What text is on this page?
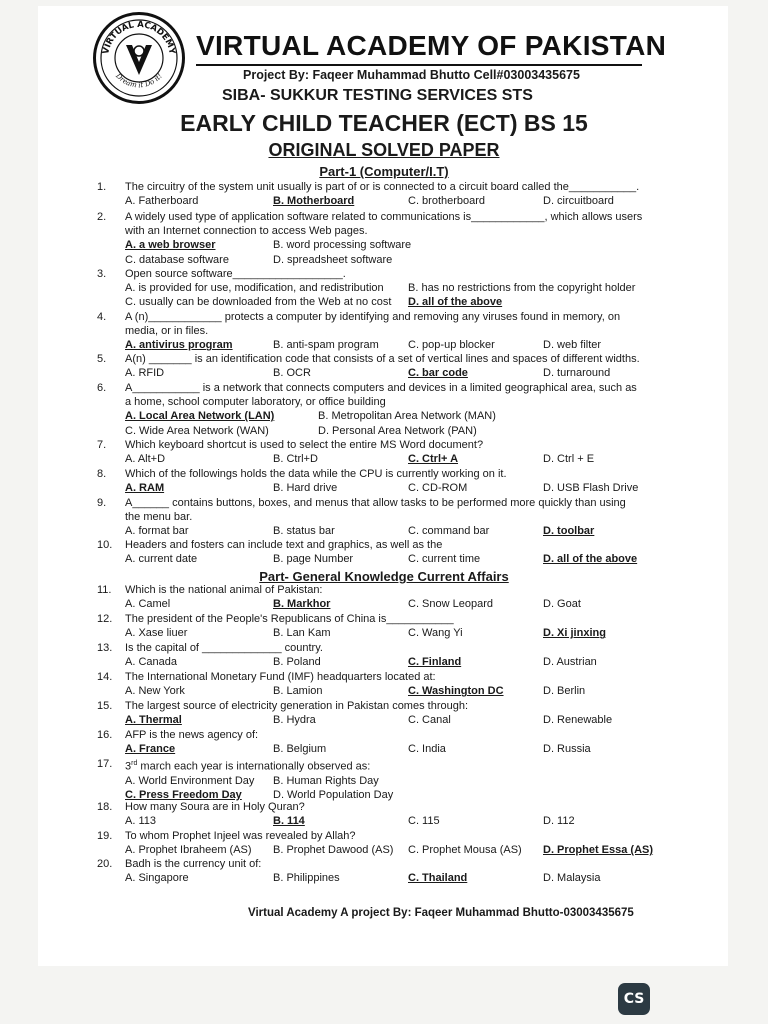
VIRTUAL ACADEMY
Dream it Do it!
VIRTUAL ACADEMY OF PAKISTAN
Project By: Faqeer Muhammad Bhutto Cell#03003435675
SIBA- SUKKUR TESTING SERVICES STS
EARLY CHILD TEACHER (ECT) BS 15
ORIGINAL SOLVED PAPER
Part-1 (Computer/I.T)
Part- General Knowledge Current Affairs
1. The circuitry of the system unit usually is part of or is connected to a circuit board called the___________.
A. Fatherboard	B. Motherboard	C. brotherboard	D. circuitboard
2. A widely used type of application software related to communications is____________, which allows users
with an Internet connection to access Web pages.
A. a web browser	B. word processing software
C. database software	D. spreadsheet software
3. Open source software__________________.
A. is provided for use, modification, and redistribution B. has no restrictions from the copyright holder
C. usually can be downloaded from the Web at no cost D. all of the above
4. A (n)____________ protects a computer by identifying and removing any viruses found in memory, on
media, or in files.
A. antivirus program	B. anti-spam program	C. pop-up blocker	D. web filter
5. A(n) _______ is an identification code that consists of a set of vertical lines and spaces of different widths.
A. RFID	B. OCR	C. bar code	D. turnaround
6. A___________ is a network that connects computers and devices in a limited geographical area, such as
a home, school computer laboratory, or office building
A. Local Area Network (LAN)	B. Metropolitan Area Network (MAN)
C. Wide Area Network (WAN)	D. Personal Area Network (PAN)
7. Which keyboard shortcut is used to select the entire MS Word document?
A. Alt+D	B. Ctrl+D	C. Ctrl+ A	D. Ctrl + E
8. Which of the followings holds the data while the CPU is currently working on it.
A. RAM	B. Hard drive	C. CD-ROM	D. USB Flash Drive
9. A______ contains buttons, boxes, and menus that allow tasks to be performed more quickly than using
the menu bar.
A. format bar	B. status bar	C. command bar	D. toolbar
10. Headers and fosters can include text and graphics, as well as the
A. current date	B. page Number	C. current time	D. all of the above
11. Which is the national animal of Pakistan:
A. Camel	B. Markhor	C. Snow Leopard	D. Goat
12. The president of the People's Republicans of China is___________
A. Xase liuer	B. Lan Kam	C. Wang Yi	D. Xi jinxing
13. Is the capital of _____________ country.
A. Canada	B. Poland	C. Finland	D. Austrian
14. The International Monetary Fund (IMF) headquarters located at:
A. New York	B. Lamion	C. Washington DC	D. Berlin
15. The largest source of electricity generation in Pakistan comes through:
A. Thermal	B. Hydra	C. Canal	D. Renewable
16. AFP is the news agency of:
A. France	B. Belgium	C. India	D. Russia
17. 3rd march each year is internationally observed as:
A. World Environment Day B. Human Rights Day
C. Press Freedom Day	D. World Population Day
18. How many Soura are in Holy Quran?
A. 113	B. 114	C. 115	D. 112
19. To whom Prophet Injeel was revealed by Allah?
A. Prophet Ibraheem (AS) B. Prophet Dawood (AS) C. Prophet Mousa (AS) D. Prophet Essa (AS)
20. Badh is the currency unit of:
A. Singapore	B. Philippines	C. Thailand	D. Malaysia
Virtual Academy A project By: Faqeer Muhammad Bhutto-03003435675
CS
